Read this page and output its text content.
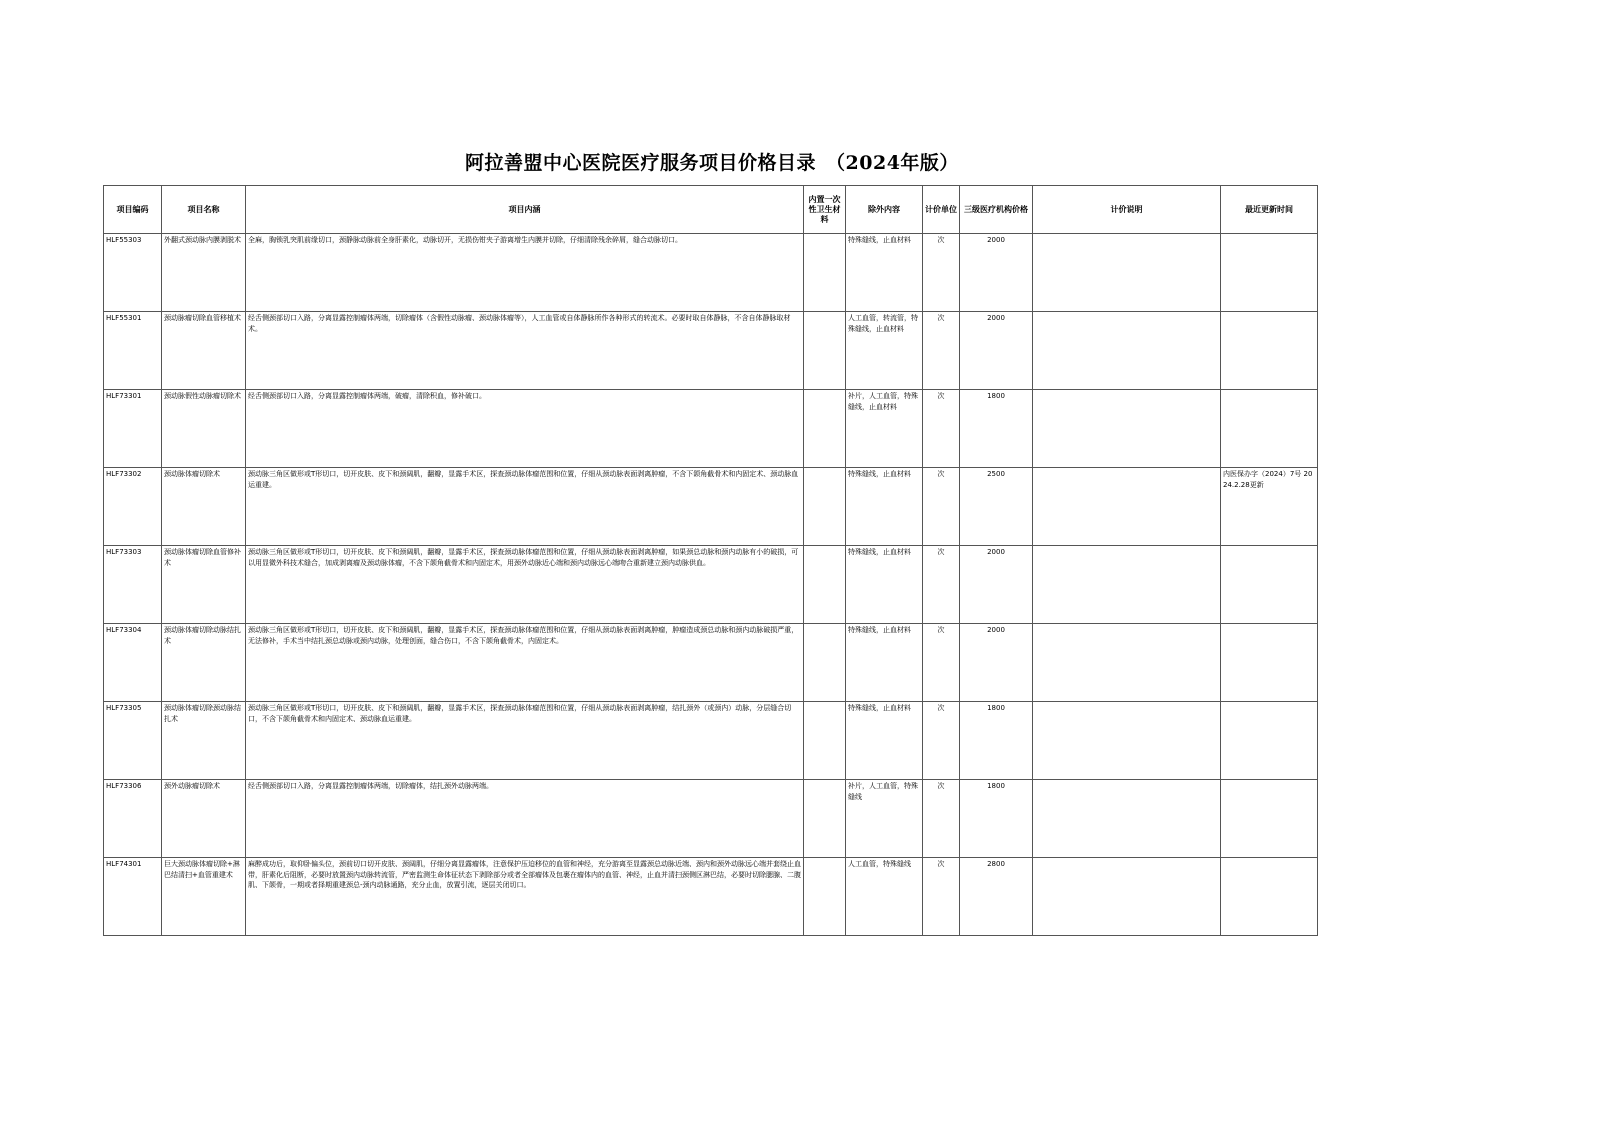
阿拉善盟中心医院医疗服务项目价格目录　（2024年版）
项目编码	项目名称	项目内涵	内置一次性卫生材料	除外内容	计价单位	三级医疗机构价格	计价说明	最近更新时间
HLF55303	外翻式颈动脉内膜剥脱术	全麻，胸锁乳突肌前缘切口，颈静脉动脉前全身肝素化，动脉切开，无损伤钳夹子游离增生内膜并切除，仔细清除残余碎屑，缝合动脉切口。		特殊缝线，止血材料	次	2000		
HLF55301	颈动脉瘤切除血管移植术	经舌侧颈部切口入路，分离显露控制瘤体两端，切除瘤体（含假性动脉瘤、颈动脉体瘤等），人工血管或自体静脉所作各种形式的转流术。必要时取自体静脉，不含自体静脉取材术。		人工血管，转流管，特殊缝线，止血材料	次	2000		
HLF73301	颈动脉假性动脉瘤切除术	经舌侧颈部切口入路，分离显露控制瘤体两端，破瘤，清除积血，修补破口。		补片，人工血管，特殊缝线，止血材料	次	1800		
HLF73302	颈动脉体瘤切除术	颈动脉三角区做形或T形切口，切开皮肤、皮下和颈阔肌，翻瓣，显露手术区，探查颈动脉体瘤范围和位置，仔细从颈动脉表面剥离肿瘤，不含下颌角截骨术和内固定术、颈动脉血运重建。		特殊缝线，止血材料	次	2500		内医保办字（2024）7号 2024.2.28更新
HLF73303	颈动脉体瘤切除血管修补术	颈动脉三角区做形或T形切口，切开皮肤、皮下和颈阔肌，翻瓣，显露手术区，探查颈动脉体瘤范围和位置，仔细从颈动脉表面剥离肿瘤，如果颈总动脉和颈内动脉有小的破损，可以用显微外科技术缝合，加成剥离瘤及颈动脉体瘤，不含下颌角截骨术和内固定术，用颈外动脉近心端和颈内动脉远心端吻合重新建立颈内动脉供血。		特殊缝线，止血材料	次	2000		
HLF73304	颈动脉体瘤切除动脉结扎术	颈动脉三角区做形或T形切口，切开皮肤、皮下和颈阔肌，翻瓣，显露手术区，探查颈动脉体瘤范围和位置，仔细从颈动脉表面剥离肿瘤，肿瘤造成颈总动脉和颈内动脉破损严重，无法修补，手术当中结扎颈总动脉或颈内动脉，处理创面，缝合伤口，不含下颌角截骨术，内固定术。		特殊缝线，止血材料	次	2000		
HLF73305	颈动脉体瘤切除颈动脉结扎术	颈动脉三角区做形或T形切口，切开皮肤、皮下和颈阔肌，翻瓣，显露手术区，探查颈动脉体瘤范围和位置，仔细从颈动脉表面剥离肿瘤，结扎颈外（或颈内）动脉，分层缝合切口，不含下颌角截骨术和内固定术、颈动脉血运重建。		特殊缝线，止血材料	次	1800		
HLF73306	颈外动脉瘤切除术	经舌侧颈部切口入路，分离显露控制瘤体两端，切除瘤体，结扎颈外动脉两端。		补片，人工血管，特殊缝线	次	1800		
HLF74301	巨大颈动脉体瘤切除+淋巴结清扫+血管重建术	麻醉成功后，取仰卧偏头位，颈前切口切开皮肤、颈阔肌，仔细分离显露瘤体，注意保护压迫移位的血管和神经，充分游离至显露颈总动脉近端、颈内和颈外动脉远心端并套绕止血带，肝素化后阻断，必要时放置颈内动脉转流管，严密监测生命体征状态下剥除部分或者全部瘤体及包裹在瘤体内的血管、神经，止血并清扫颈侧区淋巴结，必要时切除腮腺、二腹肌、下颌骨，一期或者择期重建颈总-颈内动脉通路，充分止血，放置引流，逐层关闭切口。		人工血管，特殊缝线	次	2800		
